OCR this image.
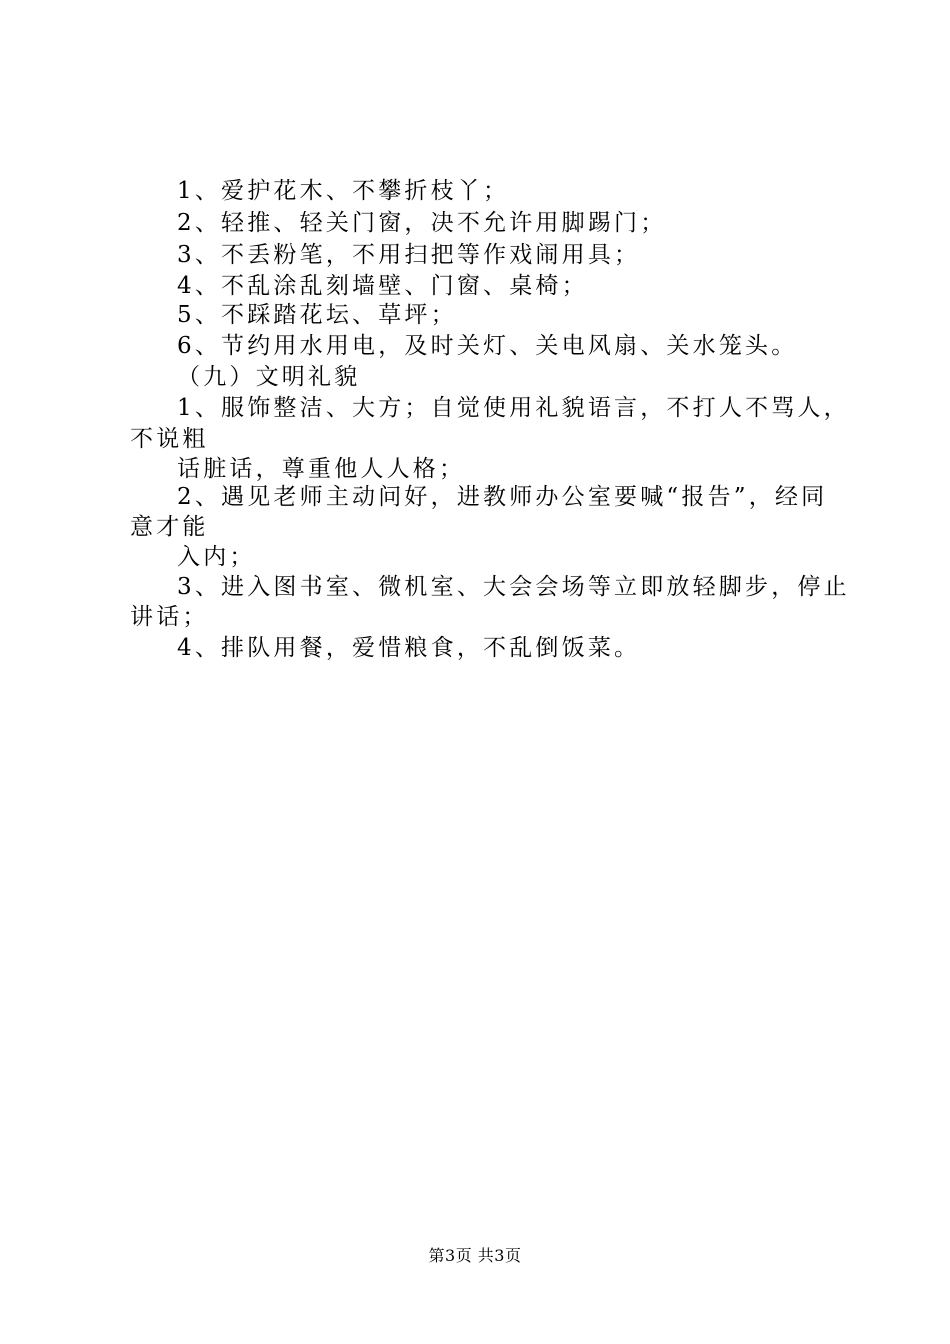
1、爱护花木、不攀折枝丫；
2、轻推、轻关门窗，决不允许用脚踢门；
3、不丢粉笔，不用扫把等作戏闹用具；
4、不乱涂乱刻墙壁、门窗、桌椅；
5、不踩踏花坛、草坪；
6、节约用水用电，及时关灯、关电风扇、关水笼头。
（九）文明礼貌
1、服饰整洁、大方；自觉使用礼貌语言，不打人不骂人，
不说粗
话脏话，尊重他人人格；
2、遇见老师主动问好，进教师办公室要喊“报告”，经同
意才能
入内；
3、进入图书室、微机室、大会会场等立即放轻脚步，停止
讲话；
4、排队用餐，爱惜粮食，不乱倒饭菜。
第3页 共3页
